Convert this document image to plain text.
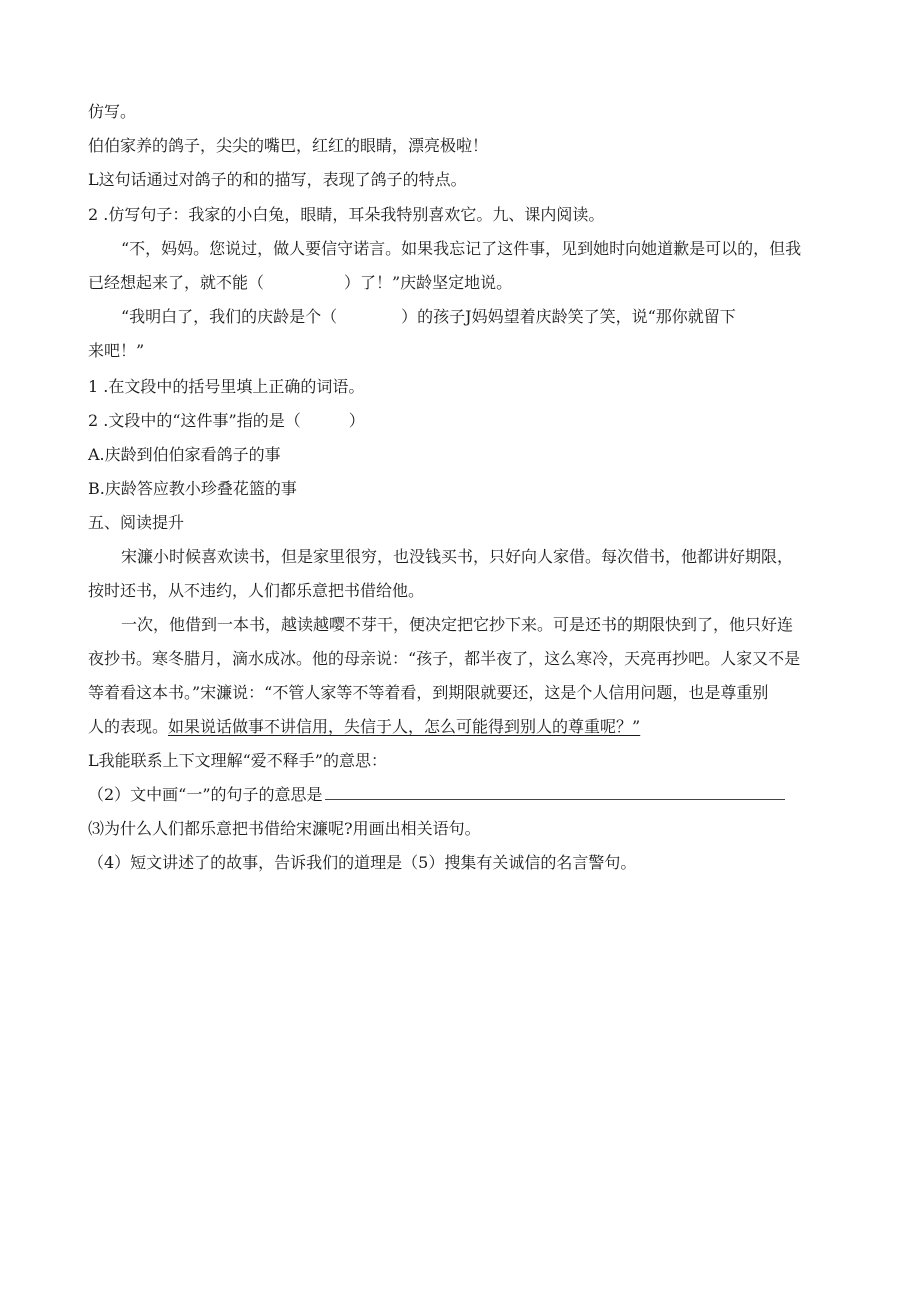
仿写。
伯伯家养的鸽子，尖尖的嘴巴，红红的眼睛，漂亮极啦！
L这句话通过对鸽子的和的描写，表现了鸽子的特点。
2 .仿写句子：我家的小白兔，眼睛，耳朵我特别喜欢它。九、课内阅读。
“不，妈妈。您说过，做人要信守诺言。如果我忘记了这件事，见到她时向她道歉是可以的，但我
已经想起来了，就不能（　　　　　）了！”庆龄坚定地说。
“我明白了，我们的庆龄是个（　　　　）的孩子J妈妈望着庆龄笑了笑，说“那你就留下
来吧！”
1 .在文段中的括号里填上正确的词语。
2 .文段中的“这件事”指的是（　　　）
A.庆龄到伯伯家看鸽子的事
B.庆龄答应教小珍叠花篮的事
五、阅读提升
宋濂小时候喜欢读书，但是家里很穷，也没钱买书，只好向人家借。每次借书，他都讲好期限，
按时还书，从不违约，人们都乐意把书借给他。
一次，他借到一本书，越读越嘤不芽干，便决定把它抄下来。可是还书的期限快到了，他只好连
夜抄书。寒冬腊月，滴水成冰。他的母亲说：“孩子，都半夜了，这么寒冷，天亮再抄吧。人家又不是
等着看这本书。”宋濂说：“不管人家等不等着看，到期限就要还，这是个人信用问题，也是尊重别
人的表现。如果说话做事不讲信用，失信于人，怎么可能得到别人的尊重呢？”
L我能联系上下文理解“爱不释手”的意思：
（2）文中画“一”的句子的意思是
⑶为什么人们都乐意把书借给宋濂呢?用画出相关语句。
（4）短文讲述了的故事，告诉我们的道理是（5）搜集有关诚信的名言警句。
